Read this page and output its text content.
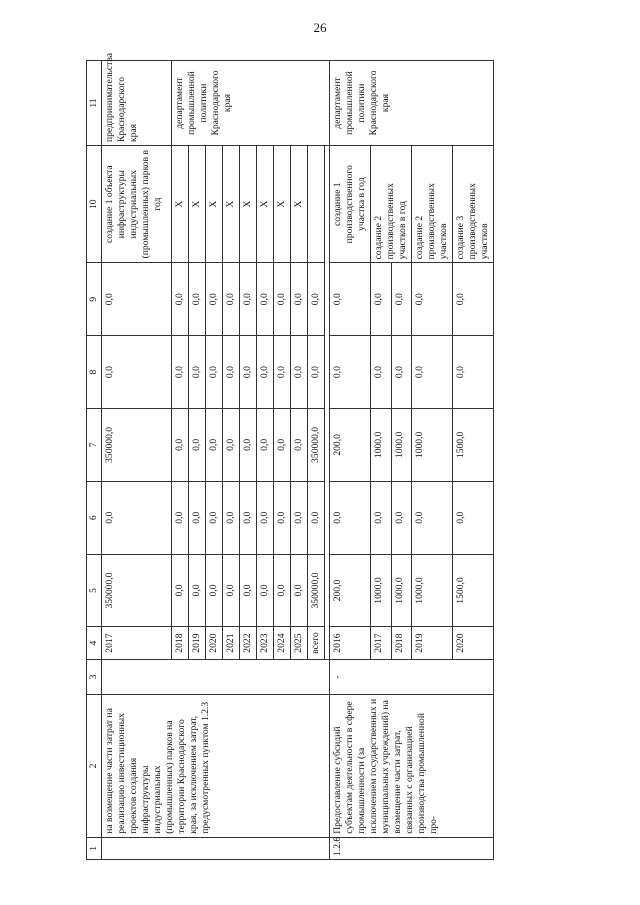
26
1	2	3	4	5	6	7	8	9	10	11
	на возмещение части затрат на реализацию инвестиционных проектов создания инфраструктуры индустриальных (промышленных) парков на территории Краснодарского края, за исключением затрат, предусмотренных пунктом 1.2.3		2017	350000,0	0,0	350000,0	0,0	0,0	создание 1 объекта инфраструктуры индустриальных (промышленных) парков в год	предпринимательства Краснодарского края
			2018	0,0	0,0	0,0	0,0	0,0	Х	департамент промышленной политики Краснодарского края
			2019	0,0	0,0	0,0	0,0	0,0	Х	
			2020	0,0	0,0	0,0	0,0	0,0	Х	
			2021	0,0	0,0	0,0	0,0	0,0	Х	
			2022	0,0	0,0	0,0	0,0	0,0	Х	
			2023	0,0	0,0	0,0	0,0	0,0	Х	
			2024	0,0	0,0	0,0	0,0	0,0	Х	
			2025	0,0	0,0	0,0	0,0	0,0	Х	
			всего	350000,0	0,0	350000,0	0,0	0,0		

1.2.6	Предоставление субсидий субъектам деятельности в сфере промышленности (за исключением государственных и муниципальных учреждений) на возмещение части затрат, связанных с организацией производства промышленной про-	-	2016	200,0	0,0	200,0	0,0	0,0	создание 1 производственного участка в год	департамент промышленной политики Краснодарского края
			2017	1000,0	0,0	1000,0	0,0	0,0	создание 2 производственных участков в год	
			2018	1000,0	0,0	1000,0	0,0	0,0		
			2019	1000,0	0,0	1000,0	0,0	0,0	создание 2 производственных участков	
			2020	1500,0	0,0	1500,0	0,0	0,0	создание 3 производственных участков	
